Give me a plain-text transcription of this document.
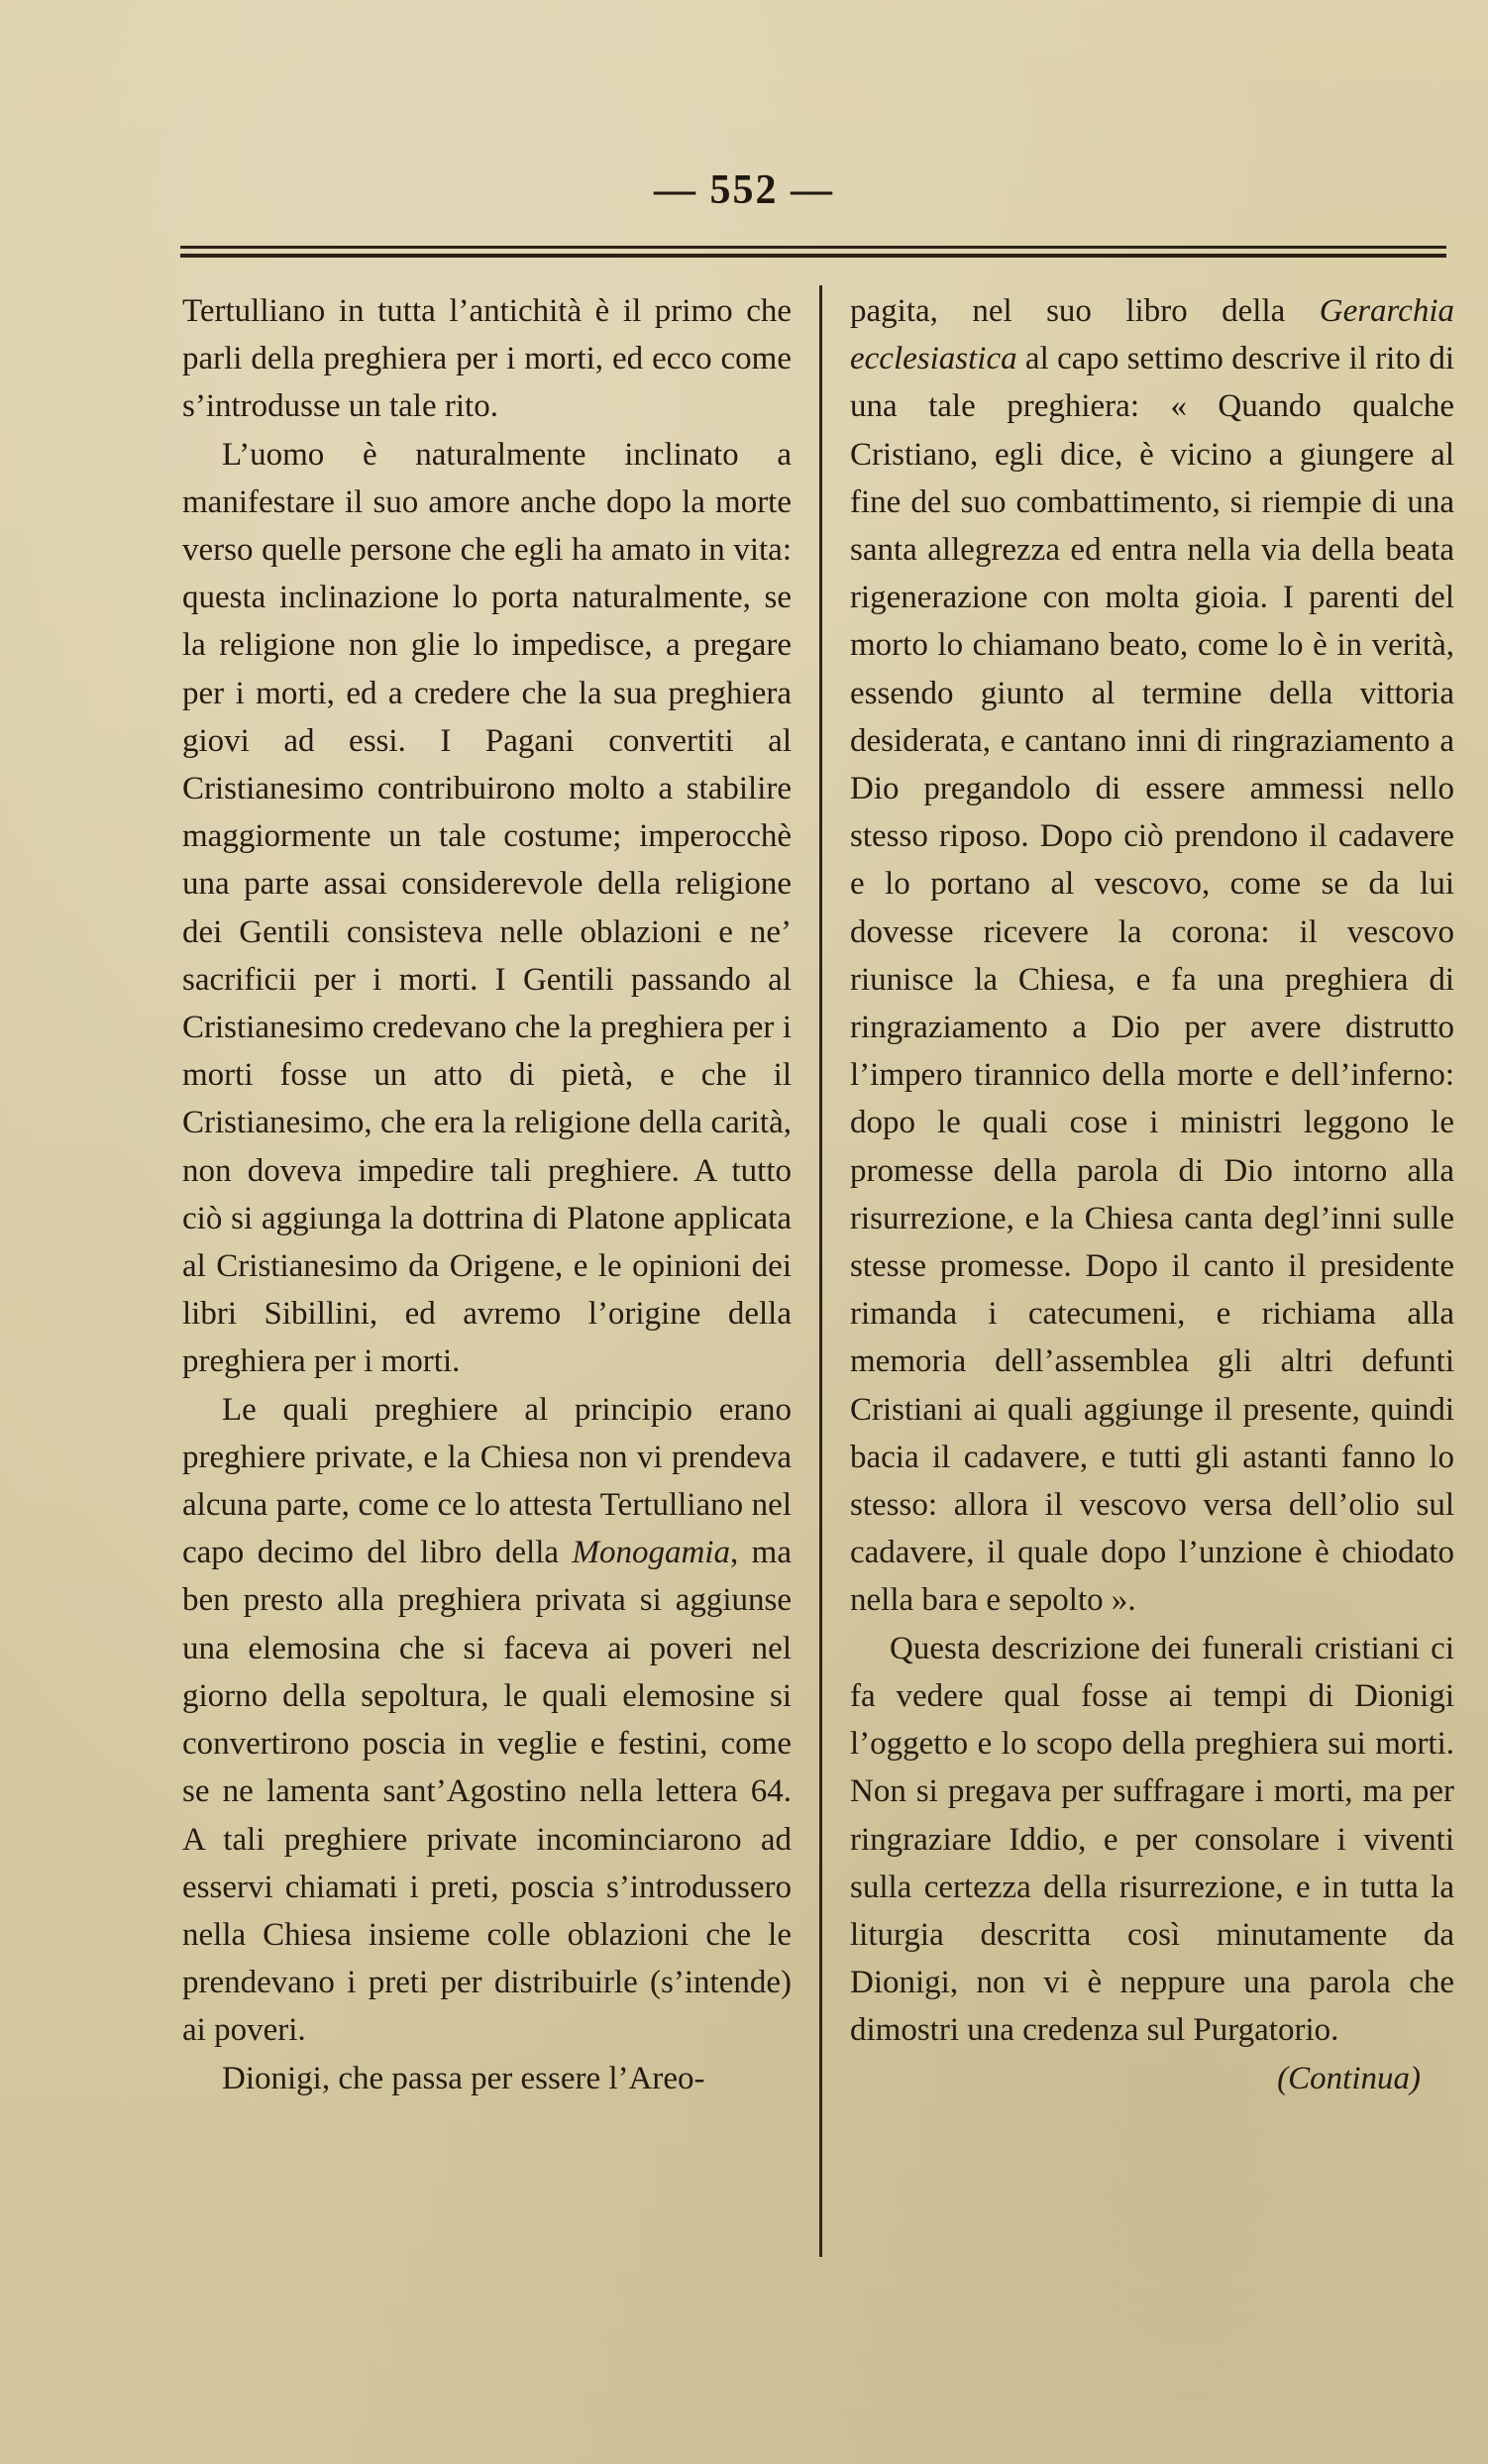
— 552 —

Tertulliano in tutta l’antichità è il primo che parli della preghiera per i morti, ed ecco come s’introdusse un tale rito.

L’uomo è naturalmente inclinato a manifestare il suo amore anche dopo la morte verso quelle persone che egli ha amato in vita: questa inclinazione lo porta naturalmente, se la religione non glie lo impedisce, a pregare per i morti, ed a credere che la sua preghiera giovi ad essi. I Pagani convertiti al Cristianesimo contribuirono molto a stabilire maggiormente un tale costume; imperocchè una parte assai considerevole della religione dei Gentili consisteva nelle oblazioni e ne’ sacrificii per i morti. I Gentili passando al Cristianesimo credevano che la preghiera per i morti fosse un atto di pietà, e che il Cristianesimo, che era la religione della carità, non doveva impedire tali preghiere. A tutto ciò si aggiunga la dottrina di Platone applicata al Cristianesimo da Origene, e le opinioni dei libri Sibillini, ed avremo l’origine della preghiera per i morti.

Le quali preghiere al principio erano preghiere private, e la Chiesa non vi prendeva alcuna parte, come ce lo attesta Tertulliano nel capo decimo del libro della Monogamia, ma ben presto alla preghiera privata si aggiunse una elemosina che si faceva ai poveri nel giorno della sepoltura, le quali elemosine si convertirono poscia in veglie e festini, come se ne lamenta sant’Agostino nella lettera 64. A tali preghiere private incominciarono ad esservi chiamati i preti, poscia s’introdussero nella Chiesa insieme colle oblazioni che le prendevano i preti per distribuirle (s’intende) ai poveri.

Dionigi, che passa per essere l’Areo-

pagita, nel suo libro della Gerarchia ecclesiastica al capo settimo descrive il rito di una tale preghiera: « Quando qualche Cristiano, egli dice, è vicino a giungere al fine del suo combattimento, si riempie di una santa allegrezza ed entra nella via della beata rigenerazione con molta gioia. I parenti del morto lo chiamano beato, come lo è in verità, essendo giunto al termine della vittoria desiderata, e cantano inni di ringraziamento a Dio pregandolo di essere ammessi nello stesso riposo. Dopo ciò prendono il cadavere e lo portano al vescovo, come se da lui dovesse ricevere la corona: il vescovo riunisce la Chiesa, e fa una preghiera di ringraziamento a Dio per avere distrutto l’impero tirannico della morte e dell’inferno: dopo le quali cose i ministri leggono le promesse della parola di Dio intorno alla risurrezione, e la Chiesa canta degl’inni sulle stesse promesse. Dopo il canto il presidente rimanda i catecumeni, e richiama alla memoria dell’assemblea gli altri defunti Cristiani ai quali aggiunge il presente, quindi bacia il cadavere, e tutti gli astanti fanno lo stesso: allora il vescovo versa dell’olio sul cadavere, il quale dopo l’unzione è chiodato nella bara e sepolto ».

Questa descrizione dei funerali cristiani ci fa vedere qual fosse ai tempi di Dionigi l’oggetto e lo scopo della preghiera sui morti. Non si pregava per suffragare i morti, ma per ringraziare Iddio, e per consolare i viventi sulla certezza della risurrezione, e in tutta la liturgia descritta così minutamente da Dionigi, non vi è neppure una parola che dimostri una credenza sul Purgatorio.

(Continua)
